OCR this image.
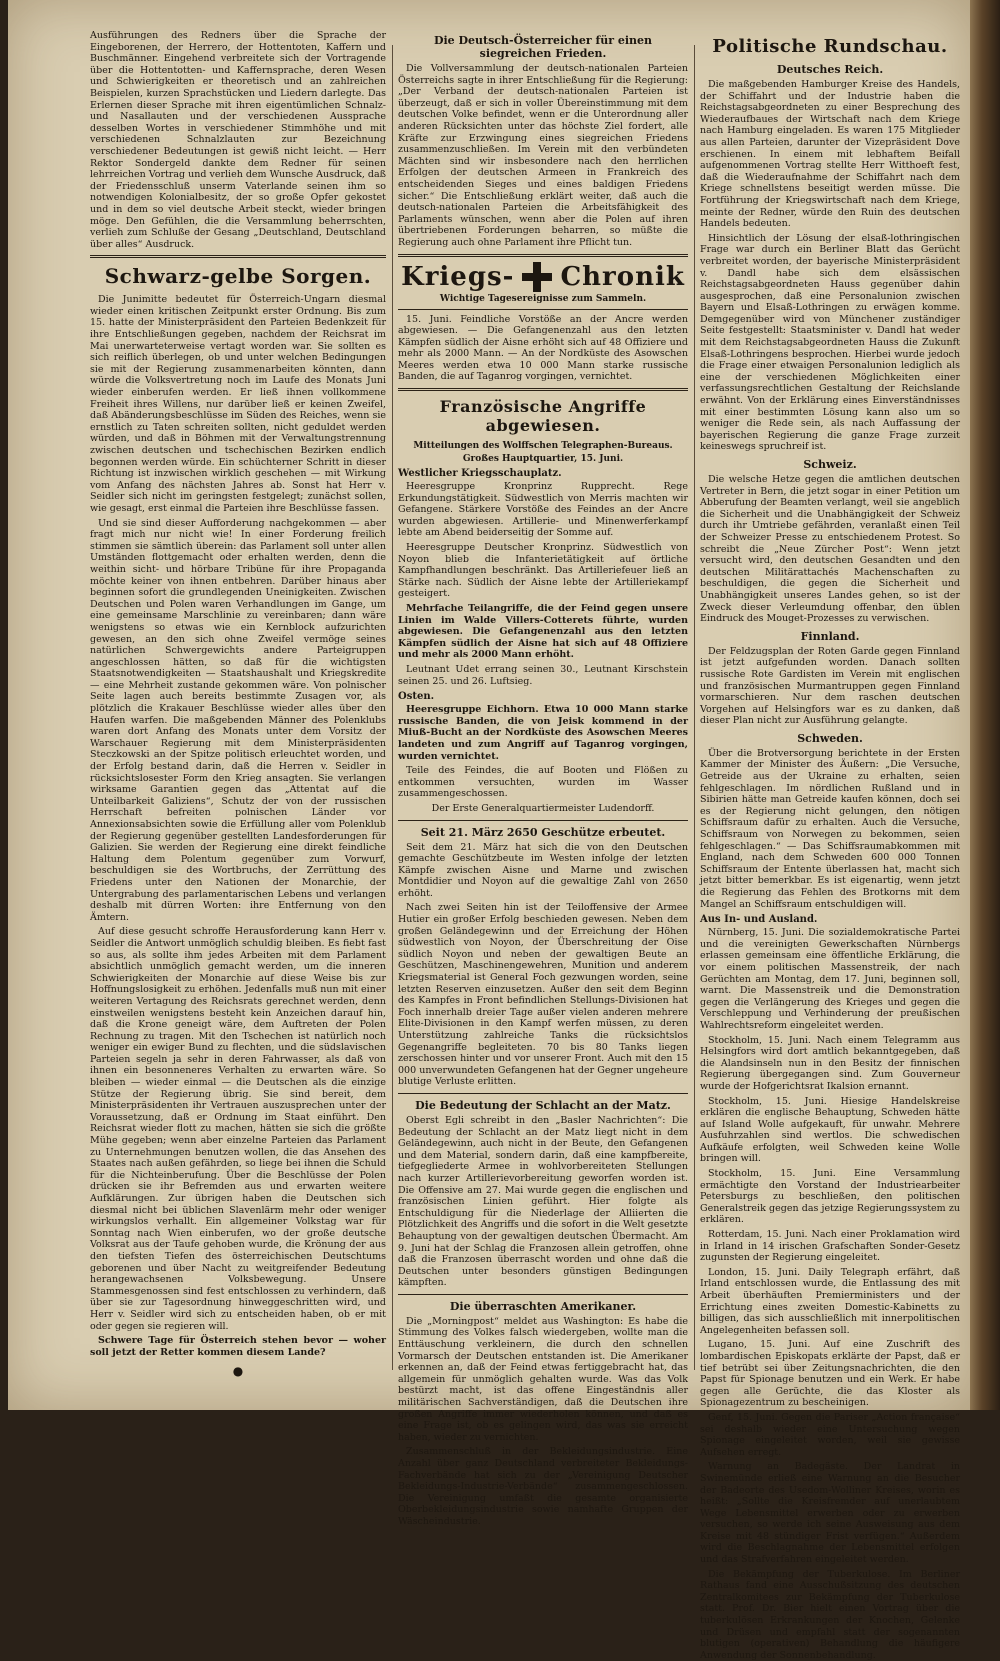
Ausführungen des Redners über die Sprache der Eingeborenen, der Herrero, der Hottentoten, Kaffern und Buschmänner. Eingehend verbreitete sich der Vortragende über die Hottentotten- und Kaffernsprache, deren Wesen und Schwierigkeiten er theoretisch und an zahlreichen Beispielen, kurzen Sprachstücken und Liedern darlegte. Das Erlernen dieser Sprache mit ihren eigentümlichen Schnalz- und Nasallauten und der verschiedenen Aussprache desselben Wortes in verschiedener Stimmhöhe und mit verschiedenen Schnalzlauten zur Bezeichnung verschiedener Bedeutungen ist gewiß nicht leicht. — Herr Rektor Sondergeld dankte dem Redner für seinen lehrreichen Vortrag und verlieh dem Wunsche Ausdruck, daß der Friedensschluß unserm Vaterlande seinen ihm so notwendigen Kolonialbesitz, der so große Opfer gekostet und in dem so viel deutsche Arbeit steckt, wieder bringen möge. Den Gefühlen, die die Versammlung beherrschten, verlieh zum Schluße der Gesang „Deutschland, Deutschland über alles“ Ausdruck.

Schwarz-gelbe Sorgen.

Die Junimitte bedeutet für Österreich-Ungarn diesmal wieder einen kritischen Zeitpunkt erster Ordnung. Bis zum 15. hatte der Ministerpräsident den Parteien Bedenkzeit für ihre Entschließungen gegeben, nachdem der Reichsrat im Mai unerwarteterweise vertagt worden war. Sie sollten es sich reiflich überlegen, ob und unter welchen Bedingungen sie mit der Regierung zusammenarbeiten könnten, dann würde die Volksvertretung noch im Laufe des Monats Juni wieder einberufen werden. Er ließ ihnen vollkommene Freiheit ihres Willens, nur darüber ließ er keinen Zweifel, daß Abänderungsbeschlüsse im Süden des Reiches, wenn sie ernstlich zu Taten schreiten sollten, nicht geduldet werden würden, und daß in Böhmen mit der Verwaltungstrennung zwischen deutschen und tschechischen Bezirken endlich begonnen werden würde. Ein schüchterner Schritt in dieser Richtung ist inzwischen wirklich geschehen — mit Wirkung vom Anfang des nächsten Jahres ab. Sonst hat Herr v. Seidler sich nicht im geringsten festgelegt; zunächst sollen, wie gesagt, erst einmal die Parteien ihre Beschlüsse fassen.

Und sie sind dieser Aufforderung nachgekommen — aber fragt mich nur nicht wie! In einer Forderung freilich stimmen sie sämtlich überein: das Parlament soll unter allen Umständen flottgemacht oder erhalten werden, denn die weithin sicht- und hörbare Tribüne für ihre Propaganda möchte keiner von ihnen entbehren. Darüber hinaus aber beginnen sofort die grundlegenden Uneinigkeiten. Zwischen Deutschen und Polen waren Verhandlungen im Gange, um eine gemeinsame Marschlinie zu vereinbaren; dann wäre wenigstens so etwas wie ein Kernblock aufzurichten gewesen, an den sich ohne Zweifel vermöge seines natürlichen Schwergewichts andere Parteigruppen angeschlossen hätten, so daß für die wichtigsten Staatsnotwendigkeiten — Staatshaushalt und Kriegskredite — eine Mehrheit zustande gekommen wäre. Von polnischer Seite lagen auch bereits bestimmte Zusagen vor, als plötzlich die Krakauer Beschlüsse wieder alles über den Haufen warfen. Die maßgebenden Männer des Polenklubs waren dort Anfang des Monats unter dem Vorsitz der Warschauer Regierung mit dem Ministerpräsidenten Steczkowski an der Spitze politisch erleuchtet worden, und der Erfolg bestand darin, daß die Herren v. Seidler in rücksichtslosester Form den Krieg ansagten. Sie verlangen wirksame Garantien gegen das „Attentat auf die Unteilbarkeit Galiziens“, Schutz der von der russischen Herrschaft befreiten polnischen Länder vor Annexionsabsichten sowie die Erfüllung aller vom Polenklub der Regierung gegenüber gestellten Landesforderungen für Galizien. Sie werden der Regierung eine direkt feindliche Haltung dem Polentum gegenüber zum Vorwurf, beschuldigen sie des Wortbruchs, der Zerrüttung des Friedens unter den Nationen der Monarchie, der Untergrabung des parlamentarischen Lebens und verlangen deshalb mit dürren Worten: ihre Entfernung von den Ämtern.

Auf diese gesucht schroffe Herausforderung kann Herr v. Seidler die Antwort unmöglich schuldig bleiben. Es fiebt fast so aus, als sollte ihm jedes Arbeiten mit dem Parlament absichtlich unmöglich gemacht werden, um die inneren Schwierigkeiten der Monarchie auf diese Weise bis zur Hoffnungslosigkeit zu erhöhen. Jedenfalls muß nun mit einer weiteren Vertagung des Reichsrats gerechnet werden, denn einstweilen wenigstens besteht kein Anzeichen darauf hin, daß die Krone geneigt wäre, dem Auftreten der Polen Rechnung zu tragen. Mit den Tschechen ist natürlich noch weniger ein ewiger Bund zu flechten, und die südslavischen Parteien segeln ja sehr in deren Fahrwasser, als daß von ihnen ein besonneneres Verhalten zu erwarten wäre. So bleiben — wieder einmal — die Deutschen als die einzige Stütze der Regierung übrig. Sie sind bereit, dem Ministerpräsidenten ihr Vertrauen auszusprechen unter der Voraussetzung, daß er Ordnung im Staat einführt. Den Reichsrat wieder flott zu machen, hätten sie sich die größte Mühe gegeben; wenn aber einzelne Parteien das Parlament zu Unternehmungen benutzen wollen, die das Ansehen des Staates nach außen gefährden, so liege bei ihnen die Schuld für die Nichteinberufung. Über die Beschlüsse der Polen drücken sie ihr Befremden aus und erwarten weitere Aufklärungen. Zur übrigen haben die Deutschen sich diesmal nicht bei üblichen Slavenlärm mehr oder weniger wirkungslos verhallt. Ein allgemeiner Volkstag war für Sonntag nach Wien einberufen, wo der große deutsche Volksrat aus der Taufe gehoben wurde, die Krönung der aus den tiefsten Tiefen des österreichischen Deutschtums geborenen und über Nacht zu weitgreifender Bedeutung herangewachsenen Volksbewegung. Unsere Stammesgenossen sind fest entschlossen zu verhindern, daß über sie zur Tagesordnung hinweggeschritten wird, und Herr v. Seidler wird sich zu entscheiden haben, ob er mit oder gegen sie regieren will.

Schwere Tage für Österreich stehen bevor — woher soll jetzt der Retter kommen diesem Lande?

●
Die Deutsch-Österreicher für einen siegreichen Frieden.

Die Vollversammlung der deutsch-nationalen Parteien Österreichs sagte in ihrer Entschließung für die Regierung: „Der Verband der deutsch-nationalen Parteien ist überzeugt, daß er sich in voller Übereinstimmung mit dem deutschen Volke befindet, wenn er die Unterordnung aller anderen Rücksichten unter das höchste Ziel fordert, alle Kräfte zur Erzwingung eines siegreichen Friedens zusammenzuschließen. Im Verein mit den verbündeten Mächten sind wir insbesondere nach den herrlichen Erfolgen der deutschen Armeen in Frankreich des entscheidenden Sieges und eines baldigen Friedens sicher.“ Die Entschließung erklärt weiter, daß auch die deutsch-nationalen Parteien die Arbeitsfähigkeit des Parlaments wünschen, wenn aber die Polen auf ihren übertriebenen Forderungen beharren, so müßte die Regierung auch ohne Parlament ihre Pflicht tun.

Kriegs- Chronik
Wichtige Tagesereignisse zum Sammeln.

15. Juni. Feindliche Vorstöße an der Ancre werden abgewiesen. — Die Gefangenenzahl aus den letzten Kämpfen südlich der Aisne erhöht sich auf 48 Offiziere und mehr als 2000 Mann. — An der Nordküste des Asowschen Meeres werden etwa 10 000 Mann starke russische Banden, die auf Taganrog vorgingen, vernichtet.

Französische Angriffe abgewiesen.
Mitteilungen des Wolffschen Telegraphen-Bureaus.
Großes Hauptquartier, 15. Juni.
Westlicher Kriegsschauplatz.

Heeresgruppe Kronprinz Rupprecht. Rege Erkundungstätigkeit. Südwestlich von Merris machten wir Gefangene. Stärkere Vorstöße des Feindes an der Ancre wurden abgewiesen. Artillerie- und Minenwerferkampf lebte am Abend beiderseitig der Somme auf.

Heeresgruppe Deutscher Kronprinz. Südwestlich von Noyon blieb die Infanterietätigkeit auf örtliche Kampfhandlungen beschränkt. Das Artilleriefeuer ließ an Stärke nach. Südlich der Aisne lebte der Artilleriekampf gesteigert.

Mehrfache Teilangriffe, die der Feind gegen unsere Linien im Walde Villers-Cotterets führte, wurden abgewiesen. Die Gefangenenzahl aus den letzten Kämpfen südlich der Aisne hat sich auf 48 Offiziere und mehr als 2000 Mann erhöht.

Leutnant Udet errang seinen 30., Leutnant Kirschstein seinen 25. und 26. Luftsieg.

Osten.

Heeresgruppe Eichhorn. Etwa 10 000 Mann starke russische Banden, die von Jeisk kommend in der Miuß-Bucht an der Nordküste des Asowschen Meeres landeten und zum Angriff auf Taganrog vorgingen, wurden vernichtet.

Teile des Feindes, die auf Booten und Flößen zu entkommen versuchten, wurden im Wasser zusammengeschossen.

Der Erste Generalquartiermeister Ludendorff.

Seit 21. März 2650 Geschütze erbeutet.

Seit dem 21. März hat sich die von den Deutschen gemachte Geschützbeute im Westen infolge der letzten Kämpfe zwischen Aisne und Marne und zwischen Montdidier und Noyon auf die gewaltige Zahl von 2650 erhöht.

Nach zwei Seiten hin ist der Teiloffensive der Armee Hutier ein großer Erfolg beschieden gewesen. Neben dem großen Geländegewinn und der Erreichung der Höhen südwestlich von Noyon, der Überschreitung der Oise südlich Noyon und neben der gewaltigen Beute an Geschützen, Maschinengewehren, Munition und anderem Kriegsmaterial ist General Foch gezwungen worden, seine letzten Reserven einzusetzen. Außer den seit dem Beginn des Kampfes in Front befindlichen Stellungs-Divisionen hat Foch innerhalb dreier Tage außer vielen anderen mehrere Elite-Divisionen in den Kampf werfen müssen, zu deren Unterstützung zahlreiche Tanks die rücksichtslos Gegenangriffe begleiteten. 70 bis 80 Tanks liegen zerschossen hinter und vor unserer Front. Auch mit den 15 000 unverwundeten Gefangenen hat der Gegner ungeheure blutige Verluste erlitten.

Die Bedeutung der Schlacht an der Matz.

Oberst Egli schreibt in den „Basler Nachrichten“: Die Bedeutung der Schlacht an der Matz liegt nicht in dem Geländegewinn, auch nicht in der Beute, den Gefangenen und dem Material, sondern darin, daß eine kampfbereite, tiefgegliederte Armee in wohlvorbereiteten Stellungen nach kurzer Artillerievorbereitung geworfen worden ist. Die Offensive am 27. Mai wurde gegen die englischen und französischen Linien geführt. Hier folgte als Entschuldigung für die Niederlage der Alliierten die Plötzlichkeit des Angriffs und die sofort in die Welt gesetzte Behauptung von der gewaltigen deutschen Übermacht. Am 9. Juni hat der Schlag die Franzosen allein getroffen, ohne daß die Franzosen überrascht worden und ohne daß die Deutschen unter besonders günstigen Bedingungen kämpften.

Die überraschten Amerikaner.

Die „Morningpost“ meldet aus Washington: Es habe die Stimmung des Volkes falsch wiedergeben, wollte man die Enttäuschung verkleinern, die durch den schnellen Vormarsch der Deutschen entstanden ist. Die Amerikaner erkennen an, daß der Feind etwas fertiggebracht hat, das allgemein für unmöglich gehalten wurde. Was das Volk bestürzt macht, ist das offene Eingeständnis aller militärischen Sachverständigen, daß die Deutschen ihre großen Angriffe immer wiederholen können, und daß es eine Frage ist, ob es gelingen wird, das was sie erreicht haben, wieder zu vernichten.

Zusammenschluß in der Bekleidungsindustrie. Eine Anzahl über ganz Deutschland verbreiteter Bekleidungs-Fachverbände hat sich zu der „Vereinigung Deutscher Bekleidungs-Industrie-Verbände“ zusammengeschlossen. Die Vereinigung umfaßt die gesamte organisierte Oberbekleidungsindustrie sowie namhafte Gruppen der Wäscheindustrie.

Politische Rundschau.
Deutsches Reich.

Die maßgebenden Hamburger Kreise des Handels, der Schiffahrt und der Industrie haben die Reichstagsabgeordneten zu einer Besprechung des Wiederaufbaues der Wirtschaft nach dem Kriege nach Hamburg eingeladen. Es waren 175 Mitglieder aus allen Parteien, darunter der Vizepräsident Dove erschienen. In einem mit lebhaftem Beifall aufgenommenen Vortrag stellte Herr Witthoeft fest, daß die Wiederaufnahme der Schiffahrt nach dem Kriege schnellstens beseitigt werden müsse. Die Fortführung der Kriegswirtschaft nach dem Kriege, meinte der Redner, würde den Ruin des deutschen Handels bedeuten.

Hinsichtlich der Lösung der elsaß-lothringischen Frage war durch ein Berliner Blatt das Gerücht verbreitet worden, der bayerische Ministerpräsident v. Dandl habe sich dem elsässischen Reichstagsabgeordneten Hauss gegenüber dahin ausgesprochen, daß eine Personalunion zwischen Bayern und Elsaß-Lothringen zu erwägen komme. Demgegenüber wird von Münchener zuständiger Seite festgestellt: Staatsminister v. Dandl hat weder mit dem Reichstagsabgeordneten Hauss die Zukunft Elsaß-Lothringens besprochen. Hierbei wurde jedoch die Frage einer etwaigen Personalunion lediglich als eine der verschiedenen Möglichkeiten einer verfassungsrechtlichen Gestaltung der Reichslande erwähnt. Von der Erklärung eines Einverständnisses mit einer bestimmten Lösung kann also um so weniger die Rede sein, als nach Auffassung der bayerischen Regierung die ganze Frage zurzeit keineswegs spruchreif ist.

Schweiz.

Die welsche Hetze gegen die amtlichen deutschen Vertreter in Bern, die jetzt sogar in einer Petition um Abberufung der Beamten verlangt, weil sie angeblich die Sicherheit und die Unabhängigkeit der Schweiz durch ihr Umtriebe gefährden, veranlaßt einen Teil der Schweizer Presse zu entschiedenem Protest. So schreibt die „Neue Zürcher Post“: Wenn jetzt versucht wird, den deutschen Gesandten und den deutschen Militärattachés Machenschaften zu beschuldigen, die gegen die Sicherheit und Unabhängigkeit unseres Landes gehen, so ist der Zweck dieser Verleumdung offenbar, den üblen Eindruck des Mouget-Prozesses zu verwischen.

Finnland.

Der Feldzugsplan der Roten Garde gegen Finnland ist jetzt aufgefunden worden. Danach sollten russische Rote Gardisten im Verein mit englischen und französischen Murmantruppen gegen Finnland vormarschieren. Nur dem raschen deutschen Vorgehen auf Helsingfors war es zu danken, daß dieser Plan nicht zur Ausführung gelangte.

Schweden.

Über die Brotversorgung berichtete in der Ersten Kammer der Minister des Äußern: „Die Versuche, Getreide aus der Ukraine zu erhalten, seien fehlgeschlagen. Im nördlichen Rußland und in Sibirien hätte man Getreide kaufen können, doch sei es der Regierung nicht gelungen, den nötigen Schiffsraum dafür zu erhalten. Auch die Versuche, Schiffsraum von Norwegen zu bekommen, seien fehlgeschlagen.“ — Das Schiffsraumabkommen mit England, nach dem Schweden 600 000 Tonnen Schiffsraum der Entente überlassen hat, macht sich jetzt bitter bemerkbar. Es ist eigenartig, wenn jetzt die Regierung das Fehlen des Brotkorns mit dem Mangel an Schiffsraum entschuldigen will.

Aus In- und Ausland.

Nürnberg, 15. Juni. Die sozialdemokratische Partei und die vereinigten Gewerkschaften Nürnbergs erlassen gemeinsam eine öffentliche Erklärung, die vor einem politischen Massenstreik, der nach Gerüchten am Montag, dem 17. Juni, beginnen soll, warnt. Die Massenstreik und die Demonstration gegen die Verlängerung des Krieges und gegen die Verschleppung und Verhinderung der preußischen Wahlrechtsreform eingeleitet werden.

Stockholm, 15. Juni. Nach einem Telegramm aus Helsingfors wird dort amtlich bekanntgegeben, daß die Alandsinseln nun in den Besitz der finnischen Regierung übergegangen sind. Zum Gouverneur wurde der Hofgerichtsrat Ikalsion ernannt.

Stockholm, 15. Juni. Hiesige Handelskreise erklären die englische Behauptung, Schweden hätte auf Island Wolle aufgekauft, für unwahr. Mehrere Ausfuhrzahlen sind wertlos. Die schwedischen Aufkäufe erfolgten, weil Schweden keine Wolle bringen will.

Stockholm, 15. Juni. Eine Versammlung ermächtigte den Vorstand der Industriearbeiter Petersburgs zu beschließen, den politischen Generalstreik gegen das jetzige Regierungssystem zu erklären.

Rotterdam, 15. Juni. Nach einer Proklamation wird in Irland in 14 irischen Grafschaften Sonder-Gesetz zugunsten der Regierung eingeleitet.

London, 15. Juni. Daily Telegraph erfährt, daß Irland entschlossen wurde, die Entlassung des mit Arbeit überhäuften Premierministers und der Errichtung eines zweiten Domestic-Kabinetts zu billigen, das sich ausschließlich mit innerpolitischen Angelegenheiten befassen soll.

Lugano, 15. Juni. Auf eine Zuschrift des lombardischen Episkopats erklärte der Papst, daß er tief betrübt sei über Zeitungsnachrichten, die den Papst für Spionage benutzen und ein Werk. Er habe gegen alle Gerüchte, die das Kloster als Spionagezentrum zu bescheinigen.

Genf, 15. Juni. Gegen die Pariser „Action française“ sei deshalb wieder eine Untersuchung wegen Spionage eingeleitet worden, weil sie gewisse Aufsehen erregt.

Warnung an Badegäste. Der Landrat in Swinemünde erließ eine Warnung an die Besucher der Badeorte des Usedom-Wolliner Kreises, worin es heißt: „Sollte die Kreisfremder auf unerlaubtem Wege Lebensmittel erwerben oder zu erwerben versuchen, so werde ich seine Ausweisung aus dem Kreise mit 48 stündiger Frist verfügen.“ Außerdem wird die Beschlagnahme der Lebensmittel erfolgen und das Strafverfahren eingeleitet werden.

Die Bekämpfung der Tuberkulose. Im Berliner Rathaus fand eine Ausschußsitzung des deutschen Zentralkomitees zur Bekämpfung der Tuberkulose statt. Prof. Dr. Bier hielt einen Vortrag über die tuberkulösen Erkrankungen der Knochen, Gelenke und Drüsen und empfahl statt der sogenannten blutigen (operativen) Behandlung die häufigere Anwendung der Sonnenbehandlung.
